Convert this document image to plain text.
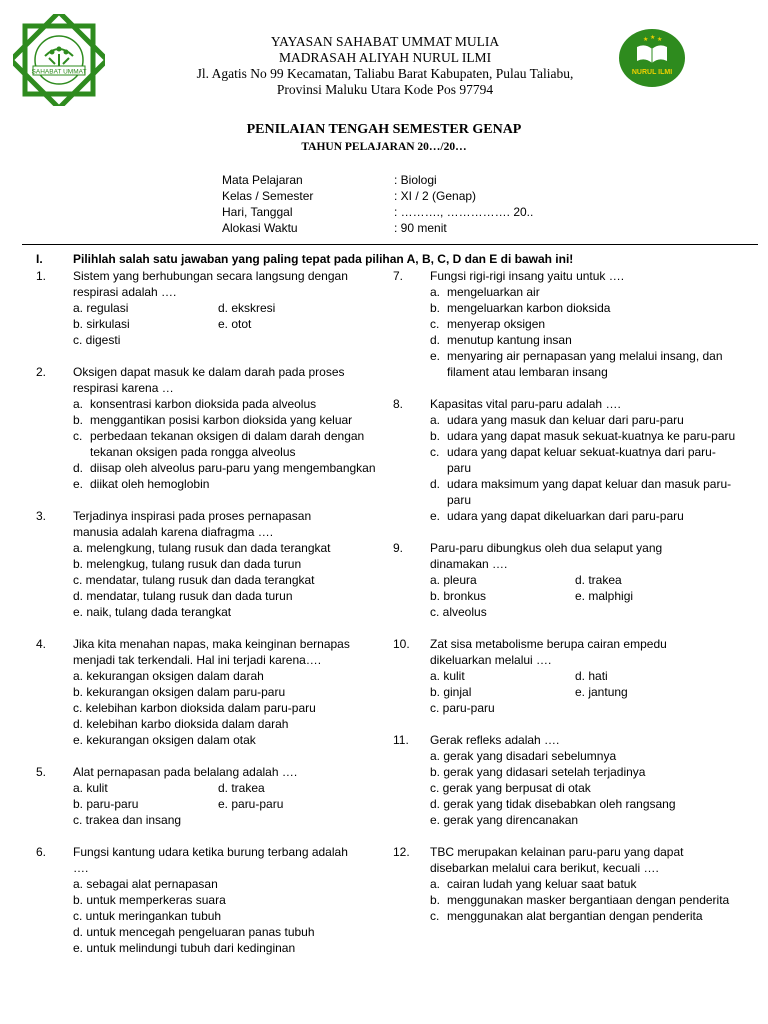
SAHABAT UMMAT
★ ★ ★
NURUL ILMI
YAYASAN SAHABAT UMMAT MULIA
MADRASAH ALIYAH NURUL ILMI
Jl. Agatis No 99 Kecamatan, Taliabu Barat Kabupaten, Pulau Taliabu,
Provinsi Maluku Utara Kode Pos 97794
PENILAIAN TENGAH SEMESTER GENAP
TAHUN PELAJARAN 20…/20…
Mata Pelajaran	: Biologi
Kelas / Semester	: XI / 2 (Genap)
Hari, Tanggal	: ………., ……………. 20..
Alokasi Waktu	: 90 menit
I.	Pilihlah salah satu jawaban yang paling tepat pada pilihan A, B, C, D dan E di bawah ini!
1. Sistem yang berhubungan secara langsung dengan
respirasi adalah ….
a. regulasi	d. ekskresi
b. sirkulasi	e. otot
c. digesti

2. Oksigen dapat masuk ke dalam darah pada proses
respirasi karena …
a. konsentrasi karbon dioksida pada alveolus
b. menggantikan posisi karbon dioksida yang keluar
c. perbedaan tekanan oksigen di dalam darah dengan tekanan oksigen pada rongga alveolus
d. diisap oleh alveolus paru-paru yang mengembangkan
e. diikat oleh hemoglobin
3. Terjadinya inspirasi pada proses pernapasan
manusia adalah karena diafragma ….
a. melengkung, tulang rusuk dan dada terangkat
b. melengkug, tulang rusuk dan dada turun
c. mendatar, tulang rusuk dan dada terangkat
d. mendatar, tulang rusuk dan dada turun
e. naik, tulang dada terangkat
4. Jika kita menahan napas, maka keinginan bernapas
menjadi tak terkendali. Hal ini terjadi karena….
a. kekurangan oksigen dalam darah
b. kekurangan oksigen dalam paru-paru
c. kelebihan karbon dioksida dalam paru-paru
d. kelebihan karbo dioksida dalam darah
e. kekurangan oksigen dalam otak
5. Alat pernapasan pada belalang adalah ….
a. kulit	d. trakea
b. paru-paru	e. paru-paru
c. trakea dan insang

6. Fungsi kantung udara ketika burung terbang adalah
….
a. sebagai alat pernapasan
b. untuk memperkeras suara
c. untuk meringankan tubuh
d. untuk mencegah pengeluaran panas tubuh
e. untuk melindungi tubuh dari kedinginan
7. Fungsi rigi-rigi insang yaitu untuk ….
a. mengeluarkan air
b. mengeluarkan karbon dioksida
c. menyerap oksigen
d. menutup kantung insan
e. menyaring air pernapasan yang melalui insang, dan filament atau lembaran insang
8. Kapasitas vital paru-paru adalah ….
a. udara yang masuk dan keluar dari paru-paru
b. udara yang dapat masuk sekuat-kuatnya ke paru-paru
c. udara yang dapat keluar sekuat-kuatnya dari paru-paru
d. udara maksimum yang dapat keluar dan masuk paru-paru
e. udara yang dapat dikeluarkan dari paru-paru
9. Paru-paru dibungkus oleh dua selaput yang
dinamakan ….
a. pleura	d. trakea
b. bronkus	e. malphigi
c. alveolus

10. Zat sisa metabolisme berupa cairan empedu
dikeluarkan melalui ….
a. kulit	d. hati
b. ginjal	e. jantung
c. paru-paru

11. Gerak refleks adalah ….
a. gerak yang disadari sebelumnya
b. gerak yang didasari setelah terjadinya
c. gerak yang berpusat di otak
d. gerak yang tidak disebabkan oleh rangsang
e. gerak yang direncanakan
12. TBC merupakan kelainan paru-paru yang dapat
disebarkan melalui cara berikut, kecuali ….
a. cairan ludah yang keluar saat batuk
b. menggunakan masker bergantiaan dengan penderita
c. menggunakan alat bergantian dengan penderita
